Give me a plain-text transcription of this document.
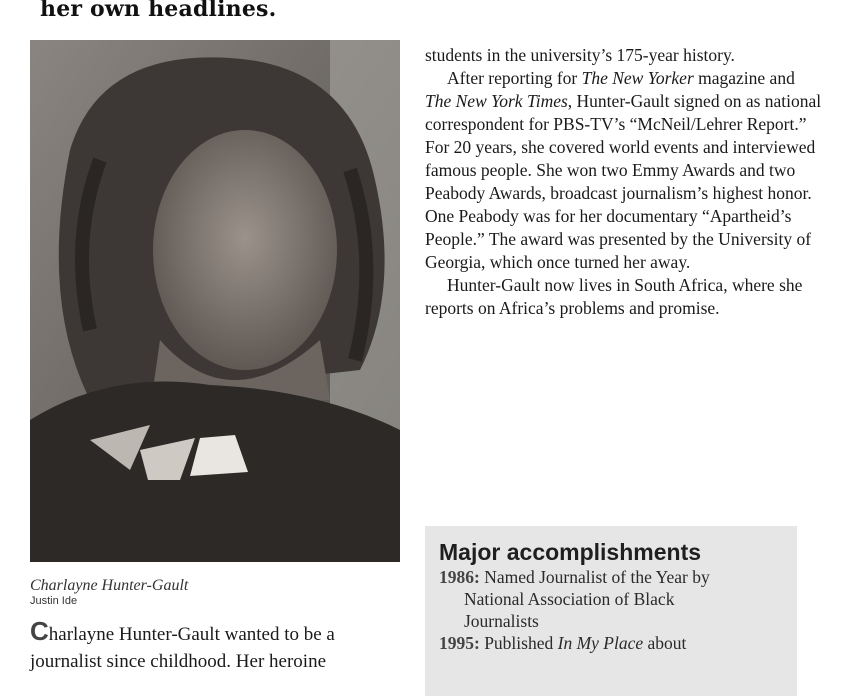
her own headlines.
Charlayne Hunter-Gault
Justin Ide
Charlayne Hunter-Gault wanted to be a journalist since childhood. Her heroine

students in the university’s 175-year history.

After reporting for The New Yorker magazine and The New York Times, Hunter-Gault signed on as national correspondent for PBS-TV’s “McNeil/Lehrer Report.” For 20 years, she covered world events and interviewed famous people. She won two Emmy Awards and two Peabody Awards, broadcast journalism’s highest honor. One Peabody was for her documentary “Apartheid’s People.” The award was presented by the University of Georgia, which once turned her away.

Hunter-Gault now lives in South Africa, where she reports on Africa’s problems and promise.

Major accomplishments
1986: Named Journalist of the Year by
National Association of Black
Journalists
1995: Published In My Place about
